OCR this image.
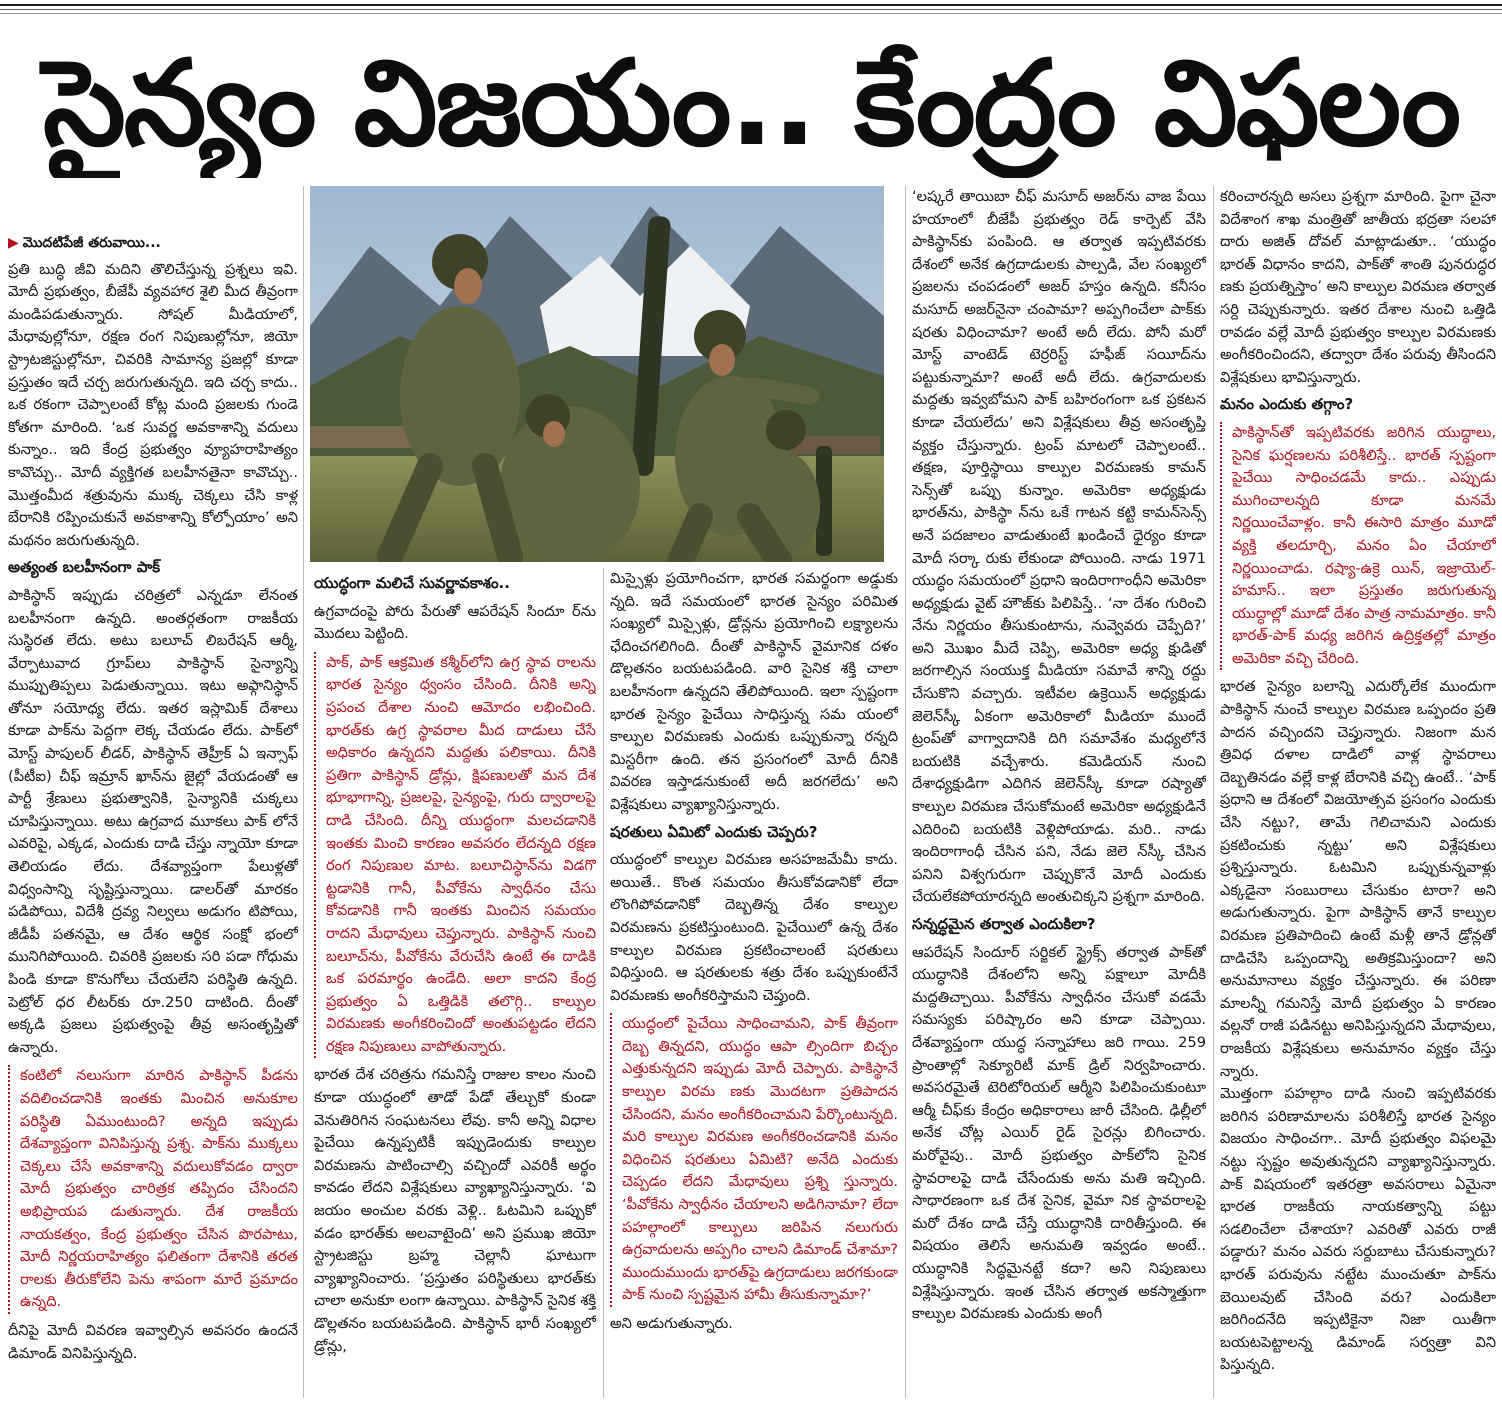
సైన్యం విజయం.. కేంద్రం విఫలం
▶ మొదటిపేజీ తరువాయి...

ప్రతి బుద్ధి జీవి మదిని తొలిచేస్తున్న ప్రశ్నలు ఇవి. మోదీ ప్రభుత్వం, బీజేపీ వ్యవహార శైలి మీద తీవ్రంగా మండిపడుతున్నారు. సోషల్ మీడియాలో, మేధావుల్లోనూ, రక్షణ రంగ నిపుణుల్లోనూ, జియో స్ట్రాటజిస్టుల్లోనూ, చివరికి సామాన్య ప్రజల్లో కూడా ప్రస్తుతం ఇదే చర్చ జరుగుతున్నది. ఇది చర్చ కాదు.. ఒక రకంగా చెప్పాలంటే కోట్ల మంది ప్రజలకు గుండె కోతగా మారింది. ‘ఒక సువర్ణ అవకాశాన్ని వదులు కున్నాం.. ఇది కేంద్ర ప్రభుత్వం వ్యూహరాహిత్యం కావొచ్చు.. మోదీ వ్యక్తిగత బలహీనతైనా కావొచ్చు.. మొత్తంమీద శత్రువును ముక్క చెక్కలు చేసి కాళ్ల బేరానికి రప్పించుకునే అవకాశాన్ని కోల్పోయాం’ అని మథనం జరుగుతున్నది.

అత్యంత బలహీనంగా పాక్

పాకిస్థాన్ ఇప్పుడు చరిత్రలో ఎన్నడూ లేనంత బలహీనంగా ఉన్నది. అంతర్గతంగా రాజకీయ సుస్థిరత లేదు. అటు బలూచ్ లిబరేషన్ ఆర్మీ, వేర్పాటువాద గ్రూప్‌లు పాకిస్థాన్ సైన్యాన్ని ముప్పుతిప్పలు పెడుతున్నాయి. ఇటు అఫ్గానిస్థాన్ తోనూ సయోధ్య లేదు. ఇతర ఇస్లామిక్ దేశాలు కూడా పాక్‌ను పెద్దగా లెక్క చేయడం లేదు. పాక్‌లో మోస్ట్ పాపులర్ లీడర్, పాకిస్థాన్ తెహ్రీక్ ఏ ఇన్సాఫ్ (పీటీఐ) చీఫ్ ఇమ్రాన్ ఖాన్‌ను జైల్లో వేయడంతో ఆ పార్టీ శ్రేణులు ప్రభుత్వానికి, సైన్యానికి చుక్కలు చూపిస్తున్నాయి. అటు ఉగ్రవాద మూకలు పాక్ లోనే ఎవరిపై, ఎక్కడ, ఎందుకు దాడి చేస్తు న్నాయో కూడా తెలియడం లేదు. దేశవ్యాప్తంగా పేలుళ్లతో విధ్వంసాన్ని సృష్టిస్తున్నాయి. డాలర్‌తో మారకం పడిపోయి, విదేశీ ద్రవ్య నిల్వలు అడుగం టిపోయి, జీడీపీ పతనమై, ఆ దేశం ఆర్థిక సంక్షో భంలో మునిగిపోయింది. చివరికి ప్రజలకు సరి పడా గోధుమ పిండి కూడా కొనుగోలు చేయలేని పరిస్థితి ఉన్నది. పెట్రోల్ ధర లీటర్‌కు రూ.250 దాటింది. దీంతో అక్కడి ప్రజలు ప్రభుత్వంపై తీవ్ర అసంతృప్తితో ఉన్నారు.

కంటిలో నలుసుగా మారిన పాకిస్థాన్ పీడను వదిలించడానికి ఇంతకు మించిన అనుకూల పరిస్థితి ఏముంటుంది? అన్నది ఇప్పుడు దేశవ్యాప్తంగా వినిపిస్తున్న ప్రశ్న. పాక్‌ను ముక్కలు చెక్కలు చేసే అవకాశాన్ని వదులుకోవడం ద్వారా మోదీ ప్రభుత్వం చారిత్రక తప్పిదం చేసిందని అభిప్రాయప డుతున్నారు. దేశ రాజకీయ నాయకత్వం, కేంద్ర ప్రభుత్వం చేసిన పొరపాటు, మోదీ నిర్ణయరాహిత్యం ఫలితంగా దేశానికి తరత రాలకు తీరుకోలేని పెను శాపంగా మారే ప్రమాదం ఉన్నది.

దీనిపై మోదీ వివరణ ఇవ్వాల్సిన అవసరం ఉందనే డిమాండ్ వినిపిస్తున్నది.

యుద్ధంగా మలిచే సువర్ణావకాశం..

ఉగ్రవాదంపై పోరు పేరుతో ఆపరేషన్ సిందూ ర్‌ను మొదలు పెట్టింది.

పాక్, పాక్ ఆక్రమిత కశ్మీర్‌లోని ఉగ్ర స్థావ రాలను భారత సైన్యం ధ్వంసం చేసింది. దీనికి అన్ని ప్రపంచ దేశాల నుంచి ఆమోదం లభించింది. భారత్‌కు ఉగ్ర స్థావరాల మీద దాడులు చేసే అధికారం ఉన్నదని మద్దతు పలికాయి. దీనికి ప్రతిగా పాకిస్థాన్ డ్రోన్లు, క్షిపణులతో మన దేశ భూభాగాన్ని, ప్రజలపై, సైన్యంపై, గురు ద్వారాలపై దాడి చేసింది. దీన్ని యుద్ధంగా మలచడానికి ఇంతకు మించి కారణం అవసరం లేదన్నది రక్షణ రంగ నిపుణుల మాట. బలూచిస్థాన్‌ను విడగొ ట్టడానికి గానీ, పీవోకేను స్వాధీనం చేసు కోవడానికి గానీ ఇంతకు మించిన సమయం రాదని మేధావులు చెప్తున్నారు. పాకిస్థాన్ నుంచి బలూచ్‌ను, పీవోకేను వేరుచేసి ఉంటే ఈ దాడికి ఒక పరమార్థం ఉండేది. అలా కాదని కేంద్ర ప్రభుత్వం ఏ ఒత్తిడికి తలొగ్గి.. కాల్పుల విరమణకు అంగీకరించిందో అంతుపట్టడం లేదని రక్షణ నిపుణులు వాపోతున్నారు.

భారత దేశ చరిత్రను గమనిస్తే రాజుల కాలం నుంచి కూడా యుద్ధంలో తాడో పేడో తేల్చుకో కుండా వెనుతిరిగిన సంఘటనలు లేవు. కానీ అన్ని విధాల పైచేయి ఉన్నప్పటికీ ఇప్పుడెందుకు కాల్పుల విరమణను పాటించాల్సి వచ్చిందో ఎవరికీ అర్థం కావడం లేదని విశ్లేషకులు వ్యాఖ్యానిస్తున్నారు. ‘వి జయం అంచుల వరకు వెళ్లి.. ఓటమిని ఒప్పుకో వడం భారత్‌కు అలవాటైంది’ అని ప్రముఖ జియో స్ట్రాటజిస్టు బ్రహ్మ చెల్లానీ ఘాటుగా వ్యాఖ్యానించారు. ‘ప్రస్తుతం పరిస్థితులు భారత్‌కు చాలా అనుకూ లంగా ఉన్నాయి. పాకిస్థాన్ సైనిక శక్తి డొల్లతనం బయటపడింది. పాకిస్థాన్ భారీ సంఖ్యలో డ్రోన్లు,

మిస్సైళ్లు ప్రయోగించగా, భారత సమర్థంగా అడ్డుకు న్నది. ఇదే సమయంలో భారత సైన్యం పరిమిత సంఖ్యలో మిస్సైళ్లు, డ్రోన్లను ప్రయోగించి లక్ష్యాలను ఛేదించగలిగింది. దీంతో పాకిస్థాన్ వైమానిక దళం డొల్లతనం బయటపడింది. వారి సైనిక శక్తి చాలా బలహీనంగా ఉన్నదని తేలిపోయింది. ఇలా స్పష్టంగా భారత సైన్యం పైచేయి సాధిస్తున్న సమ యంలో కాల్పుల విరమణకు ఎందుకు ఒప్పుకున్నా రన్నది మిస్టరీగా ఉంది. తన ప్రసంగంలో మోదీ దీనికి వివరణ ఇస్తాడనుకుంటే అదీ జరగలేదు’ అని విశ్లేషకులు వ్యాఖ్యానిస్తున్నారు.

షరతులు ఏమిటో ఎందుకు చెప్పరు?

యుద్ధంలో కాల్పుల విరమణ అసహజమేమీ కాదు. అయితే.. కొంత సమయం తీసుకోవడానికో లేదా లొంగిపోవడానికో దెబ్బతిన్న దేశం కాల్పుల విరమణను ప్రకటిస్తుంటుంది. పైచేయిలో ఉన్న దేశం కాల్పుల విరమణ ప్రకటించాలంటే షరతులు విధిస్తుంది. ఆ షరతులకు శత్రు దేశం ఒప్పుకుంటేనే విరమణకు అంగీకరిస్తామని చెప్తుంది.

యుద్ధంలో పైచేయి సాధించామని, పాక్ తీవ్రంగా దెబ్బ తిన్నదని, యుద్ధం ఆపా ల్సిందిగా బిచ్చం ఎత్తుకున్నదని ఇప్పుడు మోదీ చెప్పారు. పాకిస్థానే కాల్పుల విరమ ణకు మొదటగా ప్రతిపాదన చేసిందని, మనం అంగీకరించామని పేర్కొంటున్నది. మరి కాల్పుల విరమణ అంగీకరించడానికి మనం విధించిన షరతులు ఏమిటి? అనేది ఎందుకు చెప్పడం లేదని మేధావులు ప్రశ్ని స్తున్నారు. ‘పీవోకేను స్వాధీనం చేయాలని అడిగినామా? లేదా పహల్గాంలో కాల్పులు జరిపిన నలుగురు ఉగ్రవాదులను అప్పగిం చాలని డిమాండ్ చేశామా? ముందుముందు భారత్‌పై ఉగ్రదాడులు జరగకుండా పాక్ నుంచి స్పష్టమైన హామీ తీసుకున్నామా?’

అని అడుగుతున్నారు.

‘లష్కరే తాయిబా చీఫ్ మసూద్ అజర్‌ను వాజ పేయి హయాంలో బీజేపీ ప్రభుత్వం రెడ్ కార్పెట్ వేసి పాకిస్థాన్‌కు పంపింది. ఆ తర్వాత ఇప్పటివరకు దేశంలో అనేక ఉగ్రదాడులకు పాల్పడి, వేల సంఖ్యలో ప్రజలను చంపడంలో అజర్ హస్తం ఉన్నది. కనీసం మసూద్ అజర్‌నైనా చంపామా? అప్పగించేలా పాక్‌కు షరతు విధించామా? అంటే అదీ లేదు. పోనీ మరో మోస్ట్ వాంటెడ్ టెర్రరిస్ట్ హఫీజ్ సయీద్‌ను పట్టుకున్నామా? అంటే అదీ లేదు. ఉగ్రవాదులకు మద్దతు ఇవ్వబోమని పాక్ బహిరంగంగా ఒక ప్రకటన కూడా చేయలేదు’ అని విశ్లేషకులు తీవ్ర అసంతృప్తి వ్యక్తం చేస్తున్నారు. ట్రంప్ మాటలో చెప్పాలంటే.. తక్షణ, పూర్తిస్థాయి కాల్పుల విరమణకు కామన్ సెన్స్‌తో ఒప్పు కున్నాం. అమెరికా అధ్యక్షుడు భారత్‌ను, పాకిస్థా న్‌ను ఒకే గాటన కట్టి కామన్‌సెన్స్ అనే పదజాలం వాడుతుంటే ఖండించే ధైర్యం కూడా మోదీ సర్కా రుకు లేకుండా పోయింది. నాడు 1971 యుద్ధం సమయంలో ప్రధాని ఇందిరాగాంధీని అమెరికా అధ్యక్షుడు వైట్ హౌజ్‌కు పిలిపిస్తే.. ‘నా దేశం గురించి నేను నిర్ణయం తీసుకుంటాను, నువ్వెవరు చెప్పేది?’ అని మొఖం మీదే చెప్పి, అమెరికా అధ్య క్షుడితో జరగాల్సిన సంయుక్త మీడియా సమావే శాన్ని రద్దు చేసుకొని వచ్చారు. ఇటీవల ఉక్రెయిన్ అధ్యక్షుడు జెలెన్‌స్కీ ఏకంగా అమెరికాలో మీడియా ముందే ట్రంప్‌తో వాగ్వాదానికి దిగి సమావేశం మధ్యలోనే బయటికి వచ్చేశారు. కమెడియన్ నుంచి దేశాధ్యక్షుడిగా ఎదిగిన జెలెన్‌స్కీ కూడా రష్యాతో కాల్పుల విరమణ చేసుకోమంటే అమెరికా అధ్యక్షుడినే ఎదిరించి బయటికి వెళ్లిపోయాడు. మరి.. నాడు ఇందిరాగాంధీ చేసిన పని, నేడు జెలె న్‌స్కీ చేసిన పనిని విశ్వగురుగా చెప్పుకొనే మోదీ ఎందుకు చేయలేకపోయారన్నది అంతుచిక్కని ప్రశ్నగా మారింది.

సన్నద్ధమైన తర్వాత ఎందుకిలా?

ఆపరేషన్ సిందూర్ సర్జికల్ స్ట్రైక్స్ తర్వాత పాక్‌తో యుద్ధానికి దేశంలోని అన్ని పక్షాలూ మోదీకి మద్దతిచ్చాయి. పీవోకేను స్వాధీనం చేసుకో వడమే సమస్యకు పరిష్కారం అని కూడా చెప్పాయి. దేశవ్యాప్తంగా యుద్ధ సన్నాహాలు జరి గాయి. 259 ప్రాంతాల్లో సెక్యూరిటీ మాక్ డ్రిల్ నిర్వహించారు. అవసరమైతే టెరిటోరియల్ ఆర్మీని పిలిపించుకుంటూ ఆర్మీ చీఫ్‌కు కేంద్రం అధికారాలు జారీ చేసింది. ఢిల్లీలో అనేక చోట్ల ఎయిర్ రైడ్ సైరన్లు బిగించారు. మరోవైపు.. మోదీ ప్రభుత్వం పాక్‌లోని సైనిక స్థావరాలపై దాడి చేసేందుకు అను మతి ఇచ్చింది. సాధారణంగా ఒక దేశ సైనిక, వైమా నిక స్థావరాలపై మరో దేశం దాడి చేస్తే యుద్ధానికి దారితీస్తుంది. ఈ విషయం తెలిసే అనుమతి ఇవ్వడం అంటే.. యుద్ధానికి సిద్ధమైనట్టే కదా? అని నిపుణులు విశ్లేషిస్తున్నారు. ఇంత చేసిన తర్వాత అకస్మాత్తుగా కాల్పుల విరమణకు ఎందుకు అంగీ

కరించారన్నది అసలు ప్రశ్నగా మారింది. పైగా చైనా విదేశాంగ శాఖ మంత్రితో జాతీయ భద్రతా సలహా దారు అజిత్ దోవల్ మాట్లాడుతూ.. ‘యుద్ధం భారత్ విధానం కాదని, పాక్‌తో శాంతి పునరుద్ధర ణకు ప్రయత్నిస్తాం’ అని కాల్పుల విరమణ తర్వాత సర్ది చెప్పుకున్నారు. ఇతర దేశాల నుంచి ఒత్తిడి రావడం వల్లే మోదీ ప్రభుత్వం కాల్పుల విరమణకు అంగీకరించిందని, తద్వారా దేశం పరువు తీసిందని విశ్లేషకులు భావిస్తున్నారు.

మనం ఎందుకు తగ్గాం?
పాకిస్థాన్‌తో ఇప్పటివరకు జరిగిన యుద్ధాలు, సైనిక ఘర్షణలను పరిశీలిస్తే.. భారత్ స్పష్టంగా పైచేయి సాధించడమే కాదు.. ఎప్పుడు ముగించాలన్నది కూడా మనమే నిర్ణయించేవాళ్లం. కానీ ఈసారి మాత్రం మూడో వ్యక్తి తలదూర్చి, మనం ఏం చేయాలో నిర్ణయించాడు. రష్యా-ఉక్రె యిన్, ఇజ్రాయెల్-హమాస్.. ఇలా ప్రస్తుతం జరుగుతున్న యుద్ధాల్లో మూడో దేశం పాత్ర నామమాత్రం. కానీ భారత్-పాక్ మధ్య జరిగిన ఉద్రిక్తతల్లో మాత్రం అమెరికా వచ్చి చేరింది.

భారత సైన్యం బలాన్ని ఎదుర్కోలేక ముందుగా పాకిస్థాన్ నుంచే కాల్పుల విరమణ ఒప్పందం ప్రతి పాదన వచ్చిందని చెప్తున్నారు. నిజంగా మన త్రివిధ దళాల దాడిలో వాళ్ల స్థావరాలు దెబ్బతినడం వల్లే కాళ్ల బేరానికి వచ్చి ఉంటే.. ‘పాక్ ప్రధాని ఆ దేశంలో విజయోత్సవ ప్రసంగం ఎందుకు చేసి నట్టు?, తామే గెలిచామని ఎందుకు ప్రకటించుకు న్నట్టు’ అని విశ్లేషకులు ప్రశ్నిస్తున్నారు. ఓటమిని ఒప్పుకున్నవాళ్లు ఎక్కడైనా సంబురాలు చేసుకుం టారా? అని అడుగుతున్నారు. పైగా పాకిస్థాన్ తానే కాల్పుల విరమణ ప్రతిపాదించి ఉంటే మళ్లీ తానే డ్రోన్లతో దాడిచేసి ఒప్పందాన్ని అతిక్రమిస్తుందా? అని అనుమానాలు వ్యక్తం చేస్తున్నారు. ఈ పరిణా మాలన్నీ గమనిస్తే మోదీ ప్రభుత్వం ఏ కారణం వల్లనో రాజీ పడినట్టు అనిపిస్తున్నదని మేధావులు, రాజకీయ విశ్లేషకులు అనుమానం వ్యక్తం చేస్తు న్నారు.

మొత్తంగా పహల్గాం దాడి నుంచి ఇప్పటివరకు జరిగిన పరిణామాలను పరిశీలిస్తే భారత సైన్యం విజయం సాధించగా.. మోదీ ప్రభుత్వం విఫలమై నట్టు స్పష్టం అవుతున్నదని వ్యాఖ్యానిస్తున్నారు. పాక్ విషయంలో ఇతరత్రా అవసరాలు ఏమైనా భారత రాజకీయ నాయకత్వాన్ని పట్టు సడలించేలా చేశాయా? ఎవరితో ఎవరు రాజీ పడ్డారు? మనం ఎవరు సర్దుబాటు చేసుకున్నారు? భారత్ పరువును నట్టేట ముంచుతూ పాక్‌ను బెయిలవుట్ చేసింది వరు? ఎందుకిలా జరిగిందనేది ఇప్పటికైనా నిజా యితీగా బయటపెట్టాలన్న డిమాండ్ సర్వత్రా విని పిస్తున్నది.
